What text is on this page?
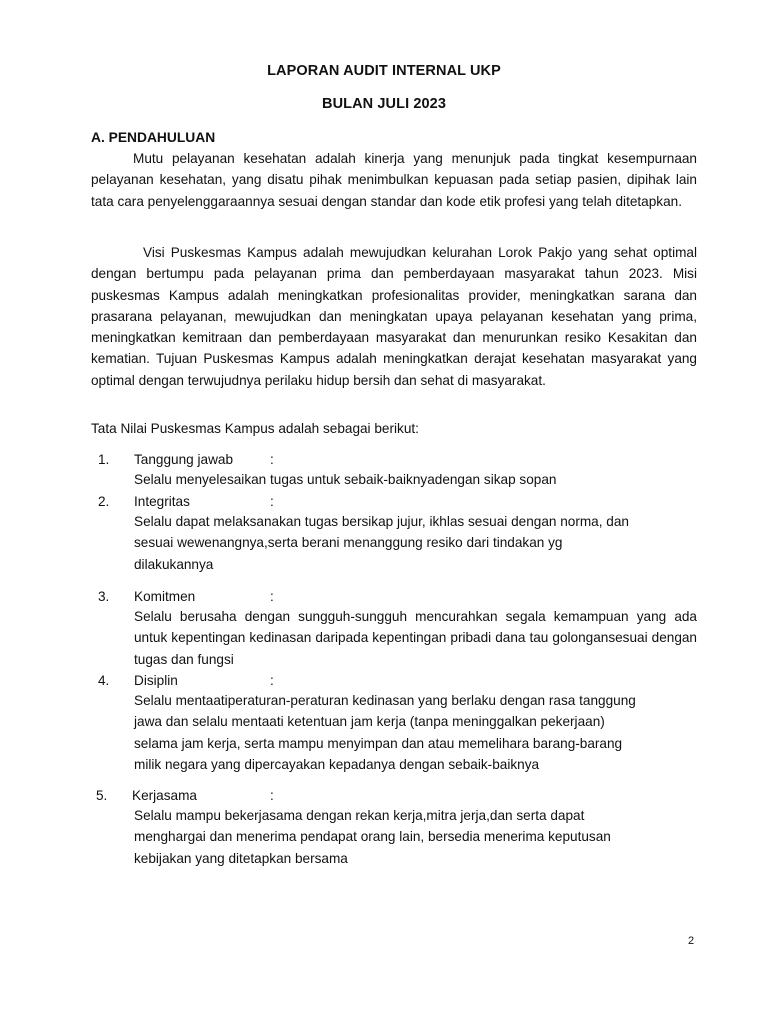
LAPORAN AUDIT INTERNAL UKP
BULAN JULI 2023
A. PENDAHULUAN

Mutu pelayanan kesehatan adalah kinerja yang menunjuk pada tingkat kesempurnaan pelayanan kesehatan, yang disatu pihak menimbulkan kepuasan pada setiap pasien, dipihak lain tata cara penyelenggaraannya sesuai dengan standar dan kode etik profesi yang telah ditetapkan.

Visi Puskesmas Kampus adalah mewujudkan kelurahan Lorok Pakjo yang sehat optimal dengan bertumpu pada pelayanan prima dan pemberdayaan masyarakat tahun 2023. Misi puskesmas Kampus adalah meningkatkan profesionalitas provider, meningkatkan sarana dan prasarana pelayanan, mewujudkan dan meningkatan upaya pelayanan kesehatan yang prima, meningkatkan kemitraan dan pemberdayaan masyarakat dan menurunkan resiko Kesakitan dan kematian. Tujuan Puskesmas Kampus adalah meningkatkan derajat kesehatan masyarakat yang optimal dengan terwujudnya perilaku hidup bersih dan sehat di masyarakat.

Tata Nilai Puskesmas Kampus adalah sebagai berikut:

1. Tanggung jawab	:
Selalu menyelesaikan tugas untuk sebaik-baiknyadengan sikap sopan
2. Integritas	:
Selalu dapat melaksanakan tugas bersikap jujur, ikhlas sesuai dengan norma, dan
sesuai wewenangnya,serta berani menanggung resiko dari tindakan yg
dilakukannya
3. Komitmen	:

Selalu berusaha dengan sungguh-sungguh mencurahkan segala kemampuan yang ada untuk kepentingan kedinasan daripada kepentingan pribadi dana tau golongansesuai dengan tugas dan fungsi

4. Disiplin	:
Selalu mentaatiperaturan-peraturan kedinasan yang berlaku dengan rasa tanggung
jawa dan selalu mentaati ketentuan jam kerja (tanpa meninggalkan pekerjaan)
selama jam kerja, serta mampu menyimpan dan atau memelihara barang-barang
milik negara yang dipercayakan kepadanya dengan sebaik-baiknya
5. Kerjasama	:
Selalu mampu bekerjasama dengan rekan kerja,mitra jerja,dan serta dapat
menghargai dan menerima pendapat orang lain, bersedia menerima keputusan
kebijakan yang ditetapkan bersama
2
